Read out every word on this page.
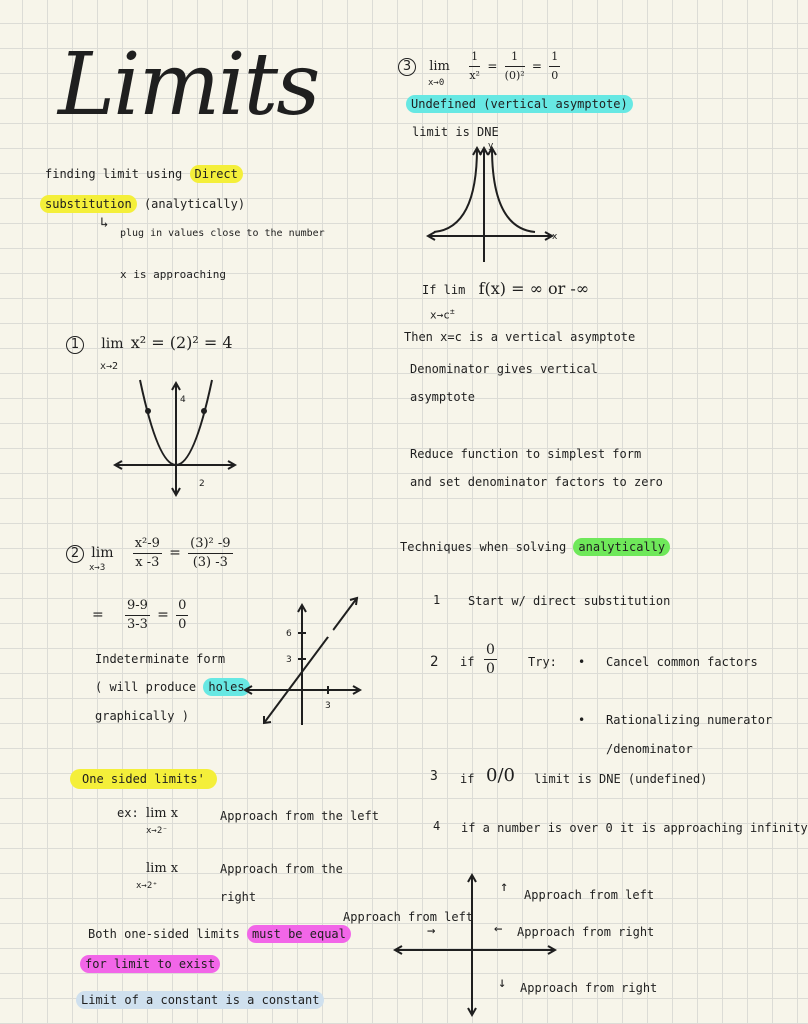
Limits
finding limit using Direct
substitution (analytically)
↳
plug in values close to the number
x is approaching
1 lim x² = (2)² = 4
x→2
4
2
2 $\lim \frac{\text{x²-9}}{x -3} = \frac{\text{(3)² -9}}{(3) -3}$
x→3
= $\frac{9-9}{3-3} = \frac{0}{0}$
Indeterminate form
( will produce holes
graphically )
6
3
3
One sided limits'
ex: lim x
x→2⁻
Approach from the left
lim x
x→2⁺
Approach from the
right
Both one-sided limits must be equal
for limit to exist
Limit of a constant is a constant
3 $\lim \frac{1}{\text{x²}} = \frac{1}{\text{(0)²}} = \frac{1}{0}$
x→0
Undefined (vertical asymptote)
limit is DNE
y
x
If lim f(x) = ∞ or -∞
x→c±
Then x=c is a vertical asymptote
Denominator gives vertical
asymptote
Reduce function to simplest form
and set denominator factors to zero
Techniques when solving analytically
1 Start w/ direct substitution
2 if $\frac{0}{0}$	Try: • Cancel common factors
• Rationalizing numerator
/denominator
3 if 0/0 limit is DNE (undefined)
4 if a number is over 0 it is approaching infinity
↑ Approach from left
← Approach from right
↓ Approach from right
Approach from left
→
